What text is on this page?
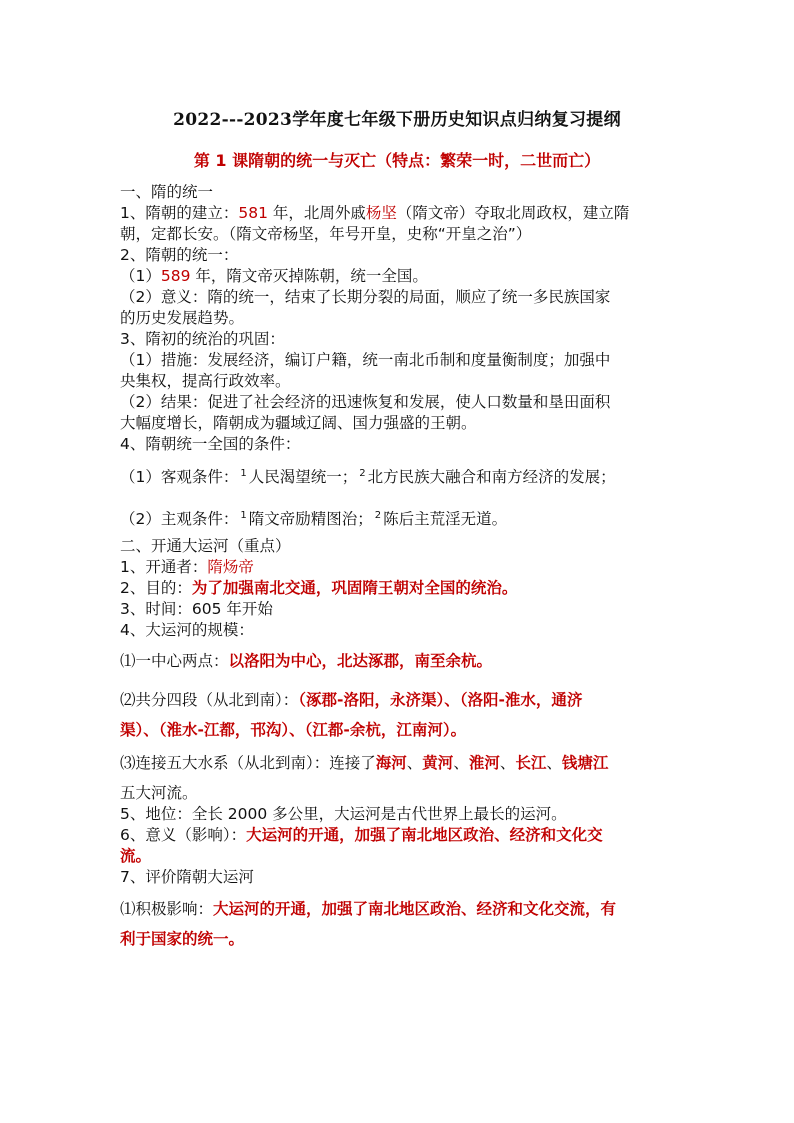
2022---2023学年度七年级下册历史知识点归纳复习提纲
第 1 课隋朝的统一与灭亡（特点：繁荣一时，二世而亡）
一、隋的统一
1、隋朝的建立：581 年，北周外戚杨坚（隋文帝）夺取北周政权，建立隋
朝，定都长安。（隋文帝杨坚，年号开皇，史称“开皇之治”）
2、隋朝的统一：
（1）589 年，隋文帝灭掉陈朝，统一全国。
（2）意义：隋的统一，结束了长期分裂的局面，顺应了统一多民族国家
的历史发展趋势。
3、隋初的统治的巩固：
（1）措施：发展经济，编订户籍，统一南北币制和度量衡制度；加强中
央集权，提高行政效率。
（2）结果：促进了社会经济的迅速恢复和发展，使人口数量和垦田面积
大幅度增长，隋朝成为疆域辽阔、国力强盛的王朝。
4、隋朝统一全国的条件：
（1）客观条件： $^1$ 人民渴望统一； $^2$ 北方民族大融合和南方经济的发展；
（2）主观条件： $^1$ 隋文帝励精图治； $^2$ 陈后主荒淫无道。
二、开通大运河（重点）
1、开通者：隋炀帝
2、目的：为了加强南北交通，巩固隋王朝对全国的统治。
3、时间：605 年开始
4、大运河的规模：
⑴一中心两点：以洛阳为中心，北达涿郡，南至余杭。
⑵共分四段（从北到南）：（涿郡-洛阳，永济渠）、（洛阳-淮水，通济
渠）、（淮水-江都，邗沟）、（江都-余杭，江南河）。
⑶连接五大水系（从北到南）：连接了海河、黄河、淮河、长江、钱塘江
五大河流。
5、地位：全长 2000 多公里，大运河是古代世界上最长的运河。
6、意义（影响）：大运河的开通，加强了南北地区政治、经济和文化交
流。
7、评价隋朝大运河
⑴积极影响：大运河的开通，加强了南北地区政治、经济和文化交流，有
利于国家的统一。
